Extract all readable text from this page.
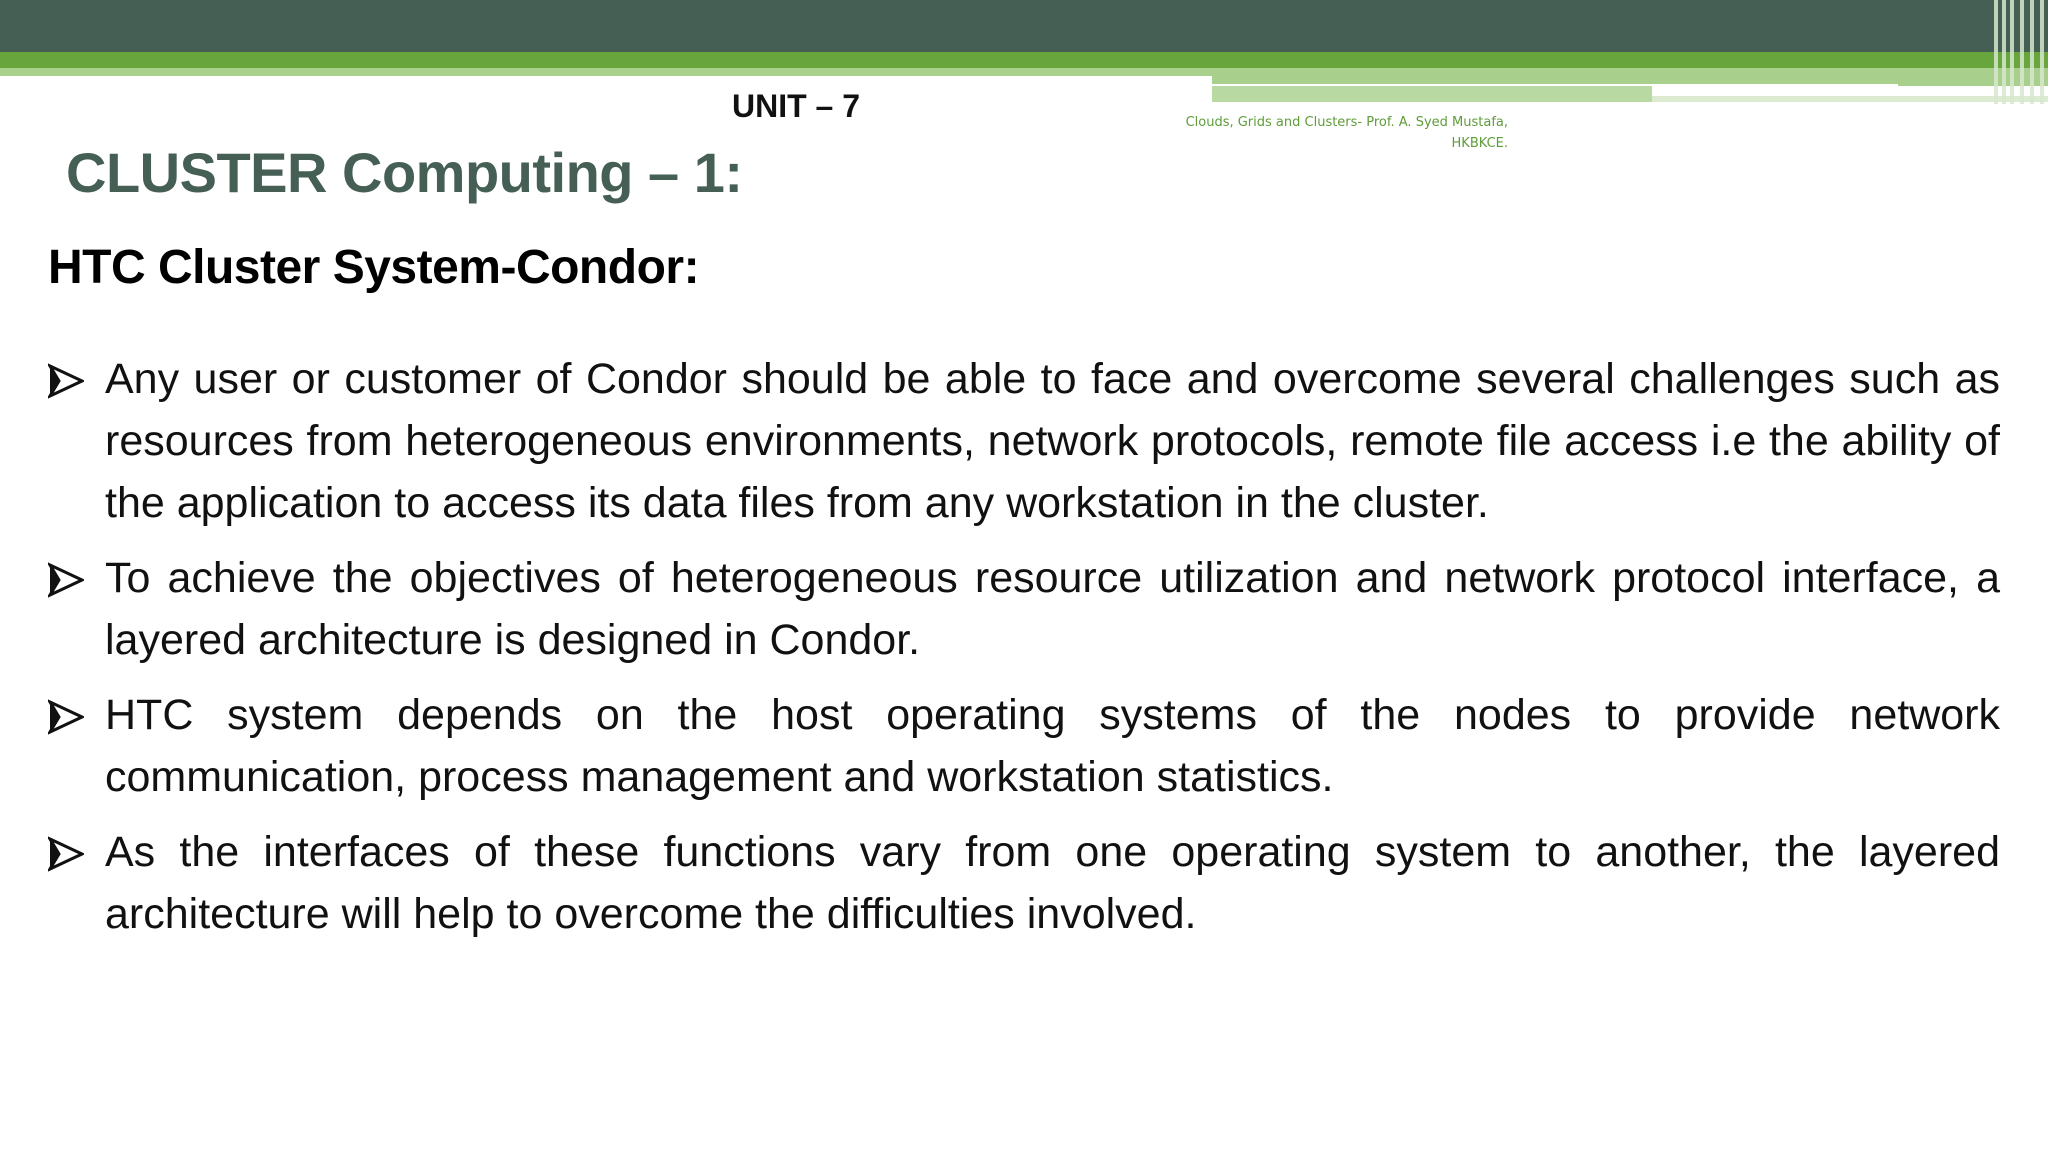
UNIT – 7	Clouds, Grids and Clusters- Prof. A. Syed Mustafa,
HKBKCE.
CLUSTER Computing – 1:
HTC Cluster System-Condor:
Any user or customer of Condor should be able to face and overcome several challenges such as resources from heterogeneous environments, network protocols, remote file access i.e the ability of the application to access its data files from any workstation in the cluster.
To achieve the objectives of heterogeneous resource utilization and network protocol interface, a layered architecture is designed in Condor.
HTC system depends on the host operating systems of the nodes to provide network communication, process management and workstation statistics.
As the interfaces of these functions vary from one operating system to another, the layered architecture will help to overcome the difficulties involved.
